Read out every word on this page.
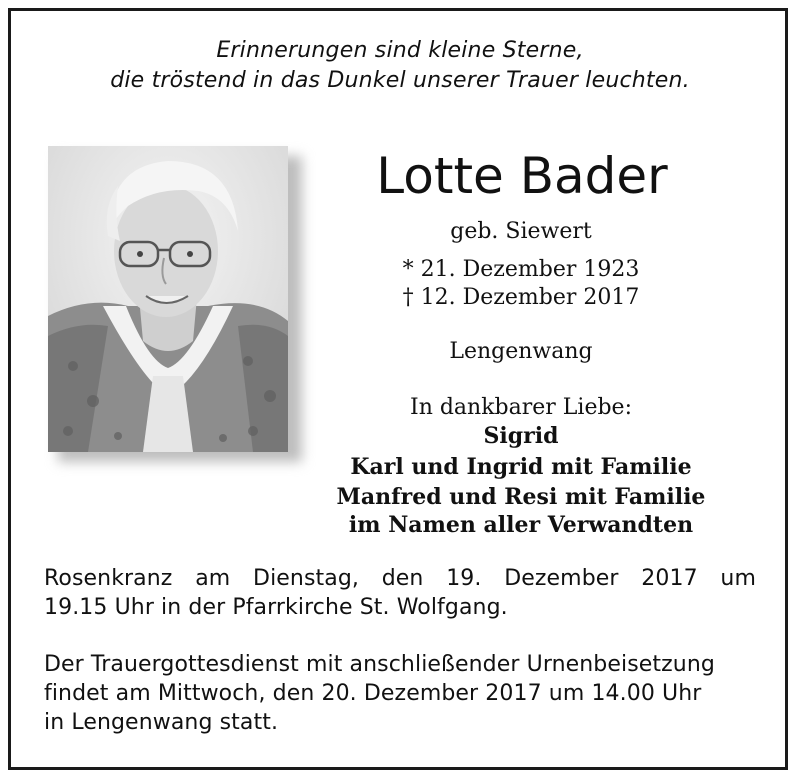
Erinnerungen sind kleine Sterne,
die tröstend in das Dunkel unserer Trauer leuchten.
Lotte Bader
geb. Siewert
* 21. Dezember 1923
† 12. Dezember 2017
Lengenwang
In dankbarer Liebe:
Sigrid
Karl und Ingrid mit Familie
Manfred und Resi mit Familie
im Namen aller Verwandten
Rosenkranz am Dienstag, den 19. Dezember 2017 um
19.15 Uhr in der Pfarrkirche St. Wolfgang.
Der Trauergottesdienst mit anschließender Urnenbeisetzung
findet am Mittwoch, den 20. Dezember 2017 um 14.00 Uhr
in Lengenwang statt.
